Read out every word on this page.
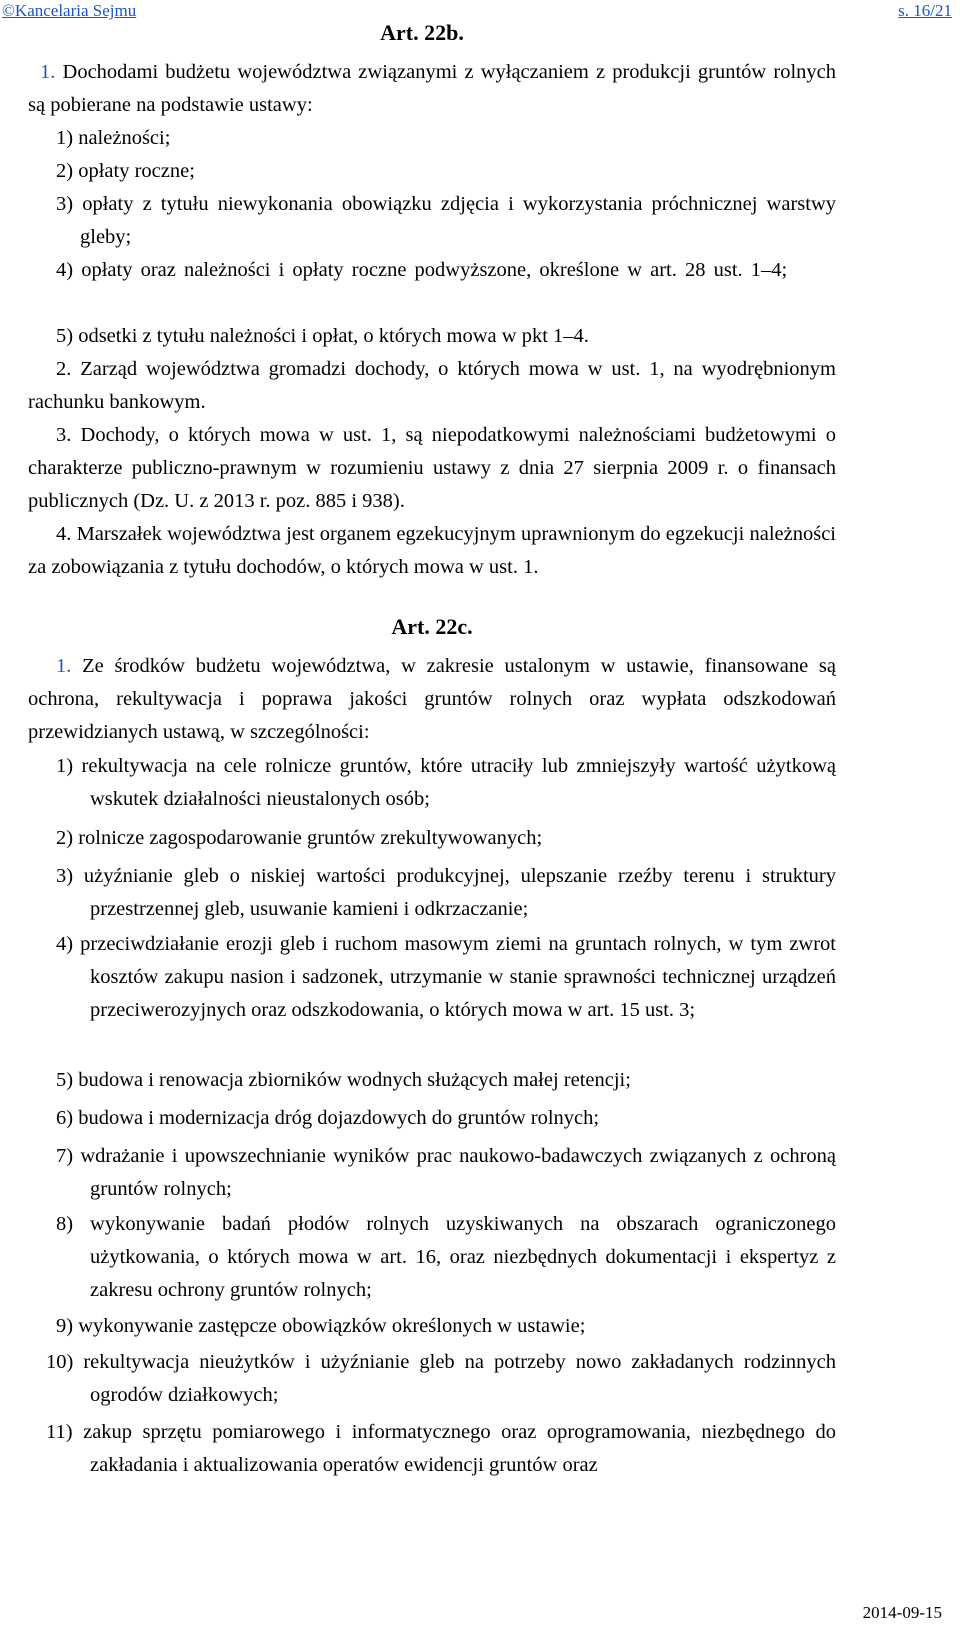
©Kancelaria Sejmu	s. 16/21
Art. 22b.
1. Dochodami budżetu województwa związanymi z wyłączaniem z produkcji gruntów rolnych są pobierane na podstawie ustawy:
1) należności;
2) opłaty roczne;
3) opłaty z tytułu niewykonania obowiązku zdjęcia i wykorzystania próchnicznej warstwy gleby;
4) opłaty oraz należności i opłaty roczne podwyższone, określone w art. 28 ust. 1–4;
5) odsetki z tytułu należności i opłat, o których mowa w pkt 1–4.
2. Zarząd województwa gromadzi dochody, o których mowa w ust. 1, na wyodrębnionym rachunku bankowym.
3. Dochody, o których mowa w ust. 1, są niepodatkowymi należnościami budżetowymi o charakterze publiczno-prawnym w rozumieniu ustawy z dnia 27 sierpnia 2009 r. o finansach publicznych (Dz. U. z 2013 r. poz. 885 i 938).
4. Marszałek województwa jest organem egzekucyjnym uprawnionym do egzekucji należności za zobowiązania z tytułu dochodów, o których mowa w ust. 1.
Art. 22c.
1. Ze środków budżetu województwa, w zakresie ustalonym w ustawie, finansowane są ochrona, rekultywacja i poprawa jakości gruntów rolnych oraz wypłata odszkodowań przewidzianych ustawą, w szczególności:
1) rekultywacja na cele rolnicze gruntów, które utraciły lub zmniejszyły wartość użytkową wskutek działalności nieustalonych osób;
2) rolnicze zagospodarowanie gruntów zrekultywowanych;
3) użyźnianie gleb o niskiej wartości produkcyjnej, ulepszanie rzeźby terenu i struktury przestrzennej gleb, usuwanie kamieni i odkrzaczanie;
4) przeciwdziałanie erozji gleb i ruchom masowym ziemi na gruntach rolnych, w tym zwrot kosztów zakupu nasion i sadzonek, utrzymanie w stanie sprawności technicznej urządzeń przeciwerozyjnych oraz odszkodowania, o których mowa w art. 15 ust. 3;
5) budowa i renowacja zbiorników wodnych służących małej retencji;
6) budowa i modernizacja dróg dojazdowych do gruntów rolnych;
7) wdrażanie i upowszechnianie wyników prac naukowo-badawczych związanych z ochroną gruntów rolnych;
8) wykonywanie badań płodów rolnych uzyskiwanych na obszarach ograniczonego użytkowania, o których mowa w art. 16, oraz niezbędnych dokumentacji i ekspertyz z zakresu ochrony gruntów rolnych;
9) wykonywanie zastępcze obowiązków określonych w ustawie;
10) rekultywacja nieużytków i użyźnianie gleb na potrzeby nowo zakładanych rodzinnych ogrodów działkowych;
11) zakup sprzętu pomiarowego i informatycznego oraz oprogramowania, niezbędnego do zakładania i aktualizowania operatów ewidencji gruntów oraz
2014-09-15
